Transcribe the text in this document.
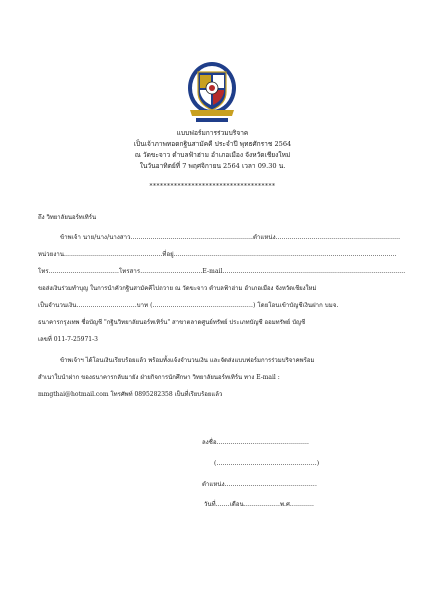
แบบฟอร์มการร่วมบริจาค
เป็นเจ้าภาพทอดกฐินสามัคคี ประจำปี พุทธศักราช 2564
ณ วัดขะจาว ตำบลฟ้าฮ่าม อำเภอเมือง จังหวัดเชียงใหม่
ในวันอาทิตย์ที่ 7 พฤศจิกายน 2564 เวลา 09.30 น.
************************************
ถึง วิทยาลัยนอร์ทเทิร์น
ข้าพเจ้า นาย/นาง/นางสาว.............................................................ตำแหน่ง..............................................................
หน่วยงาน.................................................ที่อยู่...............................................................................................................
โทร...................................โทรสาร...............................E-mail...........................................................................................
ขอส่งเงินร่วมทำบุญ ในการนำคัวกฐินสามัคคีไปถวาย ณ วัดขะจาว ตำบลฟ้าฮ่าม อำเภอเมือง จังหวัดเชียงใหม่
เป็นจำนวนเงิน..............................บาท (..................................................) โดยโอนเข้าบัญชีเงินฝาก บมจ.
ธนาคารกรุงเทพ ชื่อบัญชี "กฐินวิทยาลัยนอร์ทเทิร์น" สาขาตลาดศูนย์ทรัพย์ ประเภทบัญชี ออมทรัพย์ บัญชี
เลขที่ 011-7-25971-3
ข้าพเจ้าฯ ได้โอนเงินเรียบร้อยแล้ว พร้อมทั้งแจ้งจำนวนเงิน และจัดส่งแบบฟอร์มการร่วมบริจาคพร้อม
สำเนาใบนำฝาก ของธนาคารกลับมายัง ฝ่ายกิจการนักศึกษา วิทยาลัยนอร์ทเทิร์น ทาง E-mail :
mmgthai@hotmail.com โทรศัพท์ 0895282358 เป็นที่เรียบร้อยแล้ว
ลงชื่อ..............................................
(..................................................)
ตำแหน่ง..............................................
วันที่.......เดือน..................พ.ศ............
